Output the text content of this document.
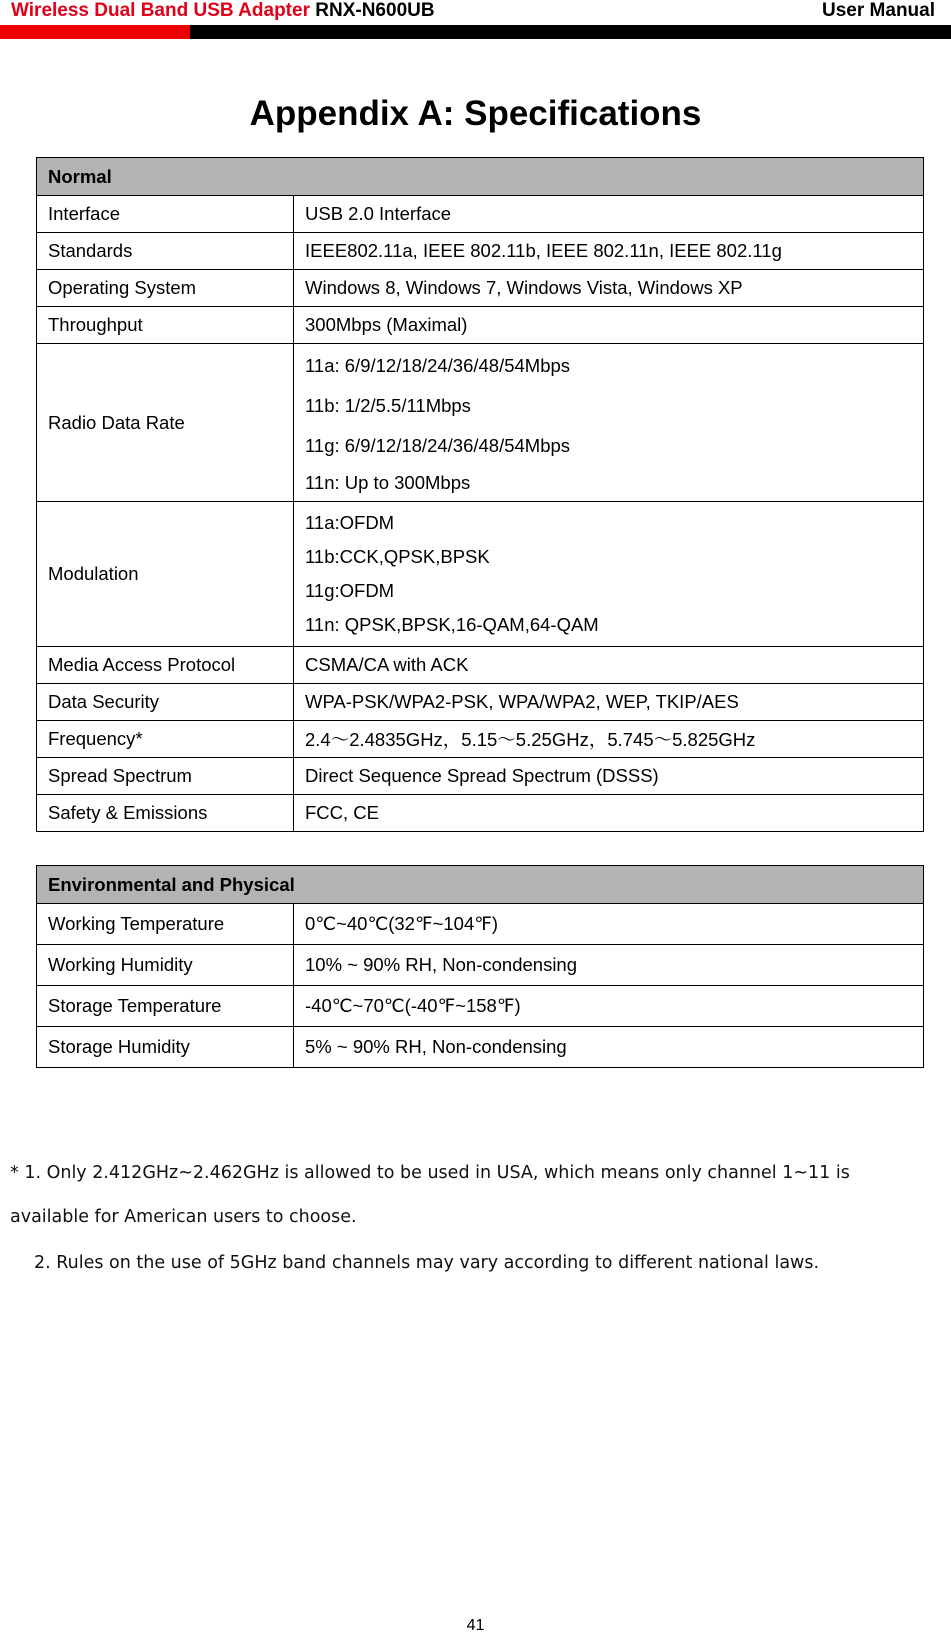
Wireless Dual Band USB Adapter RNX-N600UB	User Manual
Appendix A: Specifications
Normal	
Interface	USB 2.0 Interface
Standards	IEEE802.11a, IEEE 802.11b, IEEE 802.11n, IEEE 802.11g
Operating System	Windows 8, Windows 7, Windows Vista, Windows XP
Throughput	300Mbps (Maximal)
Radio Data Rate	11a: 6/9/12/18/24/36/48/54Mbps
11b: 1/2/5.5/11Mbps
11g: 6/9/12/18/24/36/48/54Mbps
11n: Up to 300Mbps

Modulation	11a:OFDM
11b:CCK,QPSK,BPSK
11g:OFDM
11n: QPSK,BPSK,16-QAM,64-QAM

Media Access Protocol	CSMA/CA with ACK
Data Security	WPA-PSK/WPA2-PSK, WPA/WPA2, WEP, TKIP/AES
Frequency*	2.4～2.4835GHz，5.15～5.25GHz，5.745～5.825GHz
Spread Spectrum	Direct Sequence Spread Spectrum (DSSS)
Safety & Emissions	FCC, CE
Environmental and Physical	
Working Temperature	0℃~40℃(32℉~104℉)
Working Humidity	10% ~ 90% RH, Non-condensing
Storage Temperature	-40℃~70℃(-40℉~158℉)
Storage Humidity	5% ~ 90% RH, Non-condensing
* 1. Only 2.412GHz~2.462GHz is allowed to be used in USA, which means only channel 1~11 is available for American users to choose.
2. Rules on the use of 5GHz band channels may vary according to different national laws.
41
